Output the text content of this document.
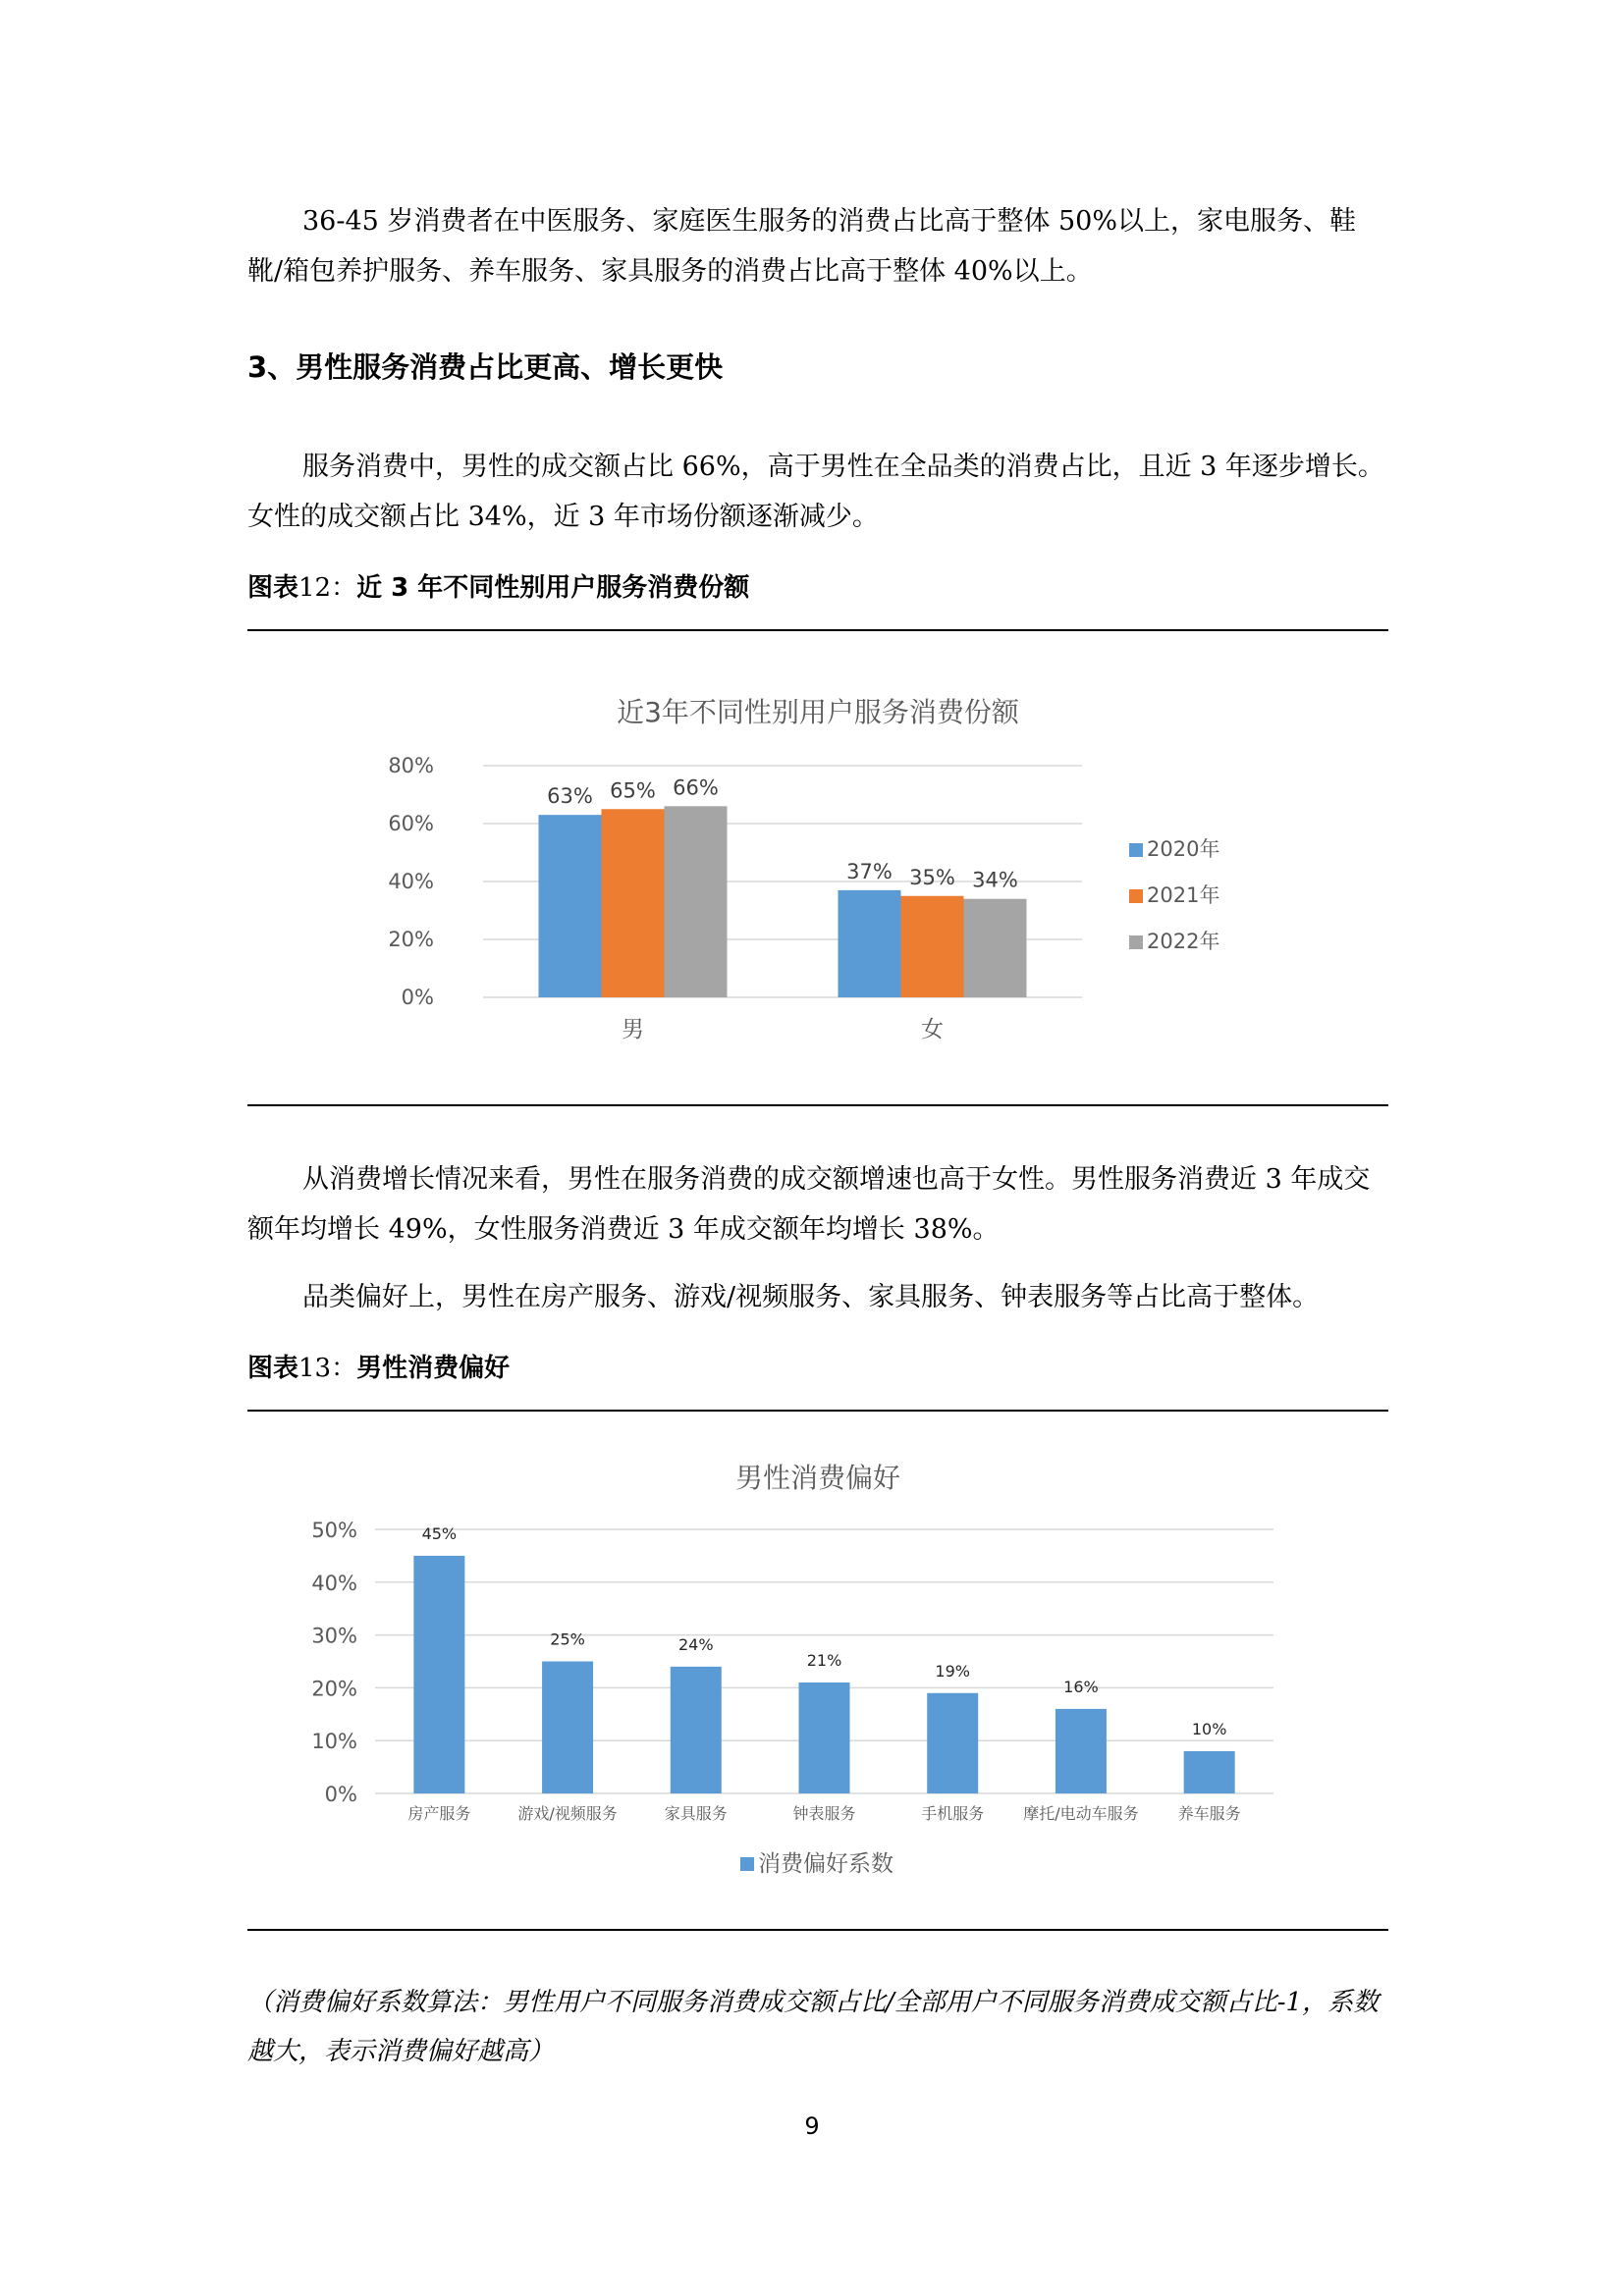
36-45 岁消费者在中医服务、家庭医生服务的消费占比高于整体 50%以上，家电服务、鞋靴/箱包养护服务、养车服务、家具服务的消费占比高于整体 40%以上。

3、男性服务消费占比更高、增长更快

服务消费中，男性的成交额占比 66%，高于男性在全品类的消费占比，且近 3 年逐步增长。女性的成交额占比 34%，近 3 年市场份额逐渐减少。

图表12：近 3 年不同性别用户服务消费份额

近3年不同性别用户服务消费份额
0%
20%
40%
60%
80%
男
63% 65% 66%
女
37% 35% 34%
2020年
2021年
2022年

从消费增长情况来看，男性在服务消费的成交额增速也高于女性。男性服务消费近 3 年成交额年均增长 49%，女性服务消费近 3 年成交额年均增长 38%。

品类偏好上，男性在房产服务、游戏/视频服务、家具服务、钟表服务等占比高于整体。

图表13：男性消费偏好

男性消费偏好
0%
10%
20%
30%
40%
50%	45%
房产服务
25%
游戏/视频服务
24%
家具服务
21%
钟表服务
19%
手机服务
16%
摩托/电动车服务
10%
养车服务
消费偏好系数

（消费偏好系数算法：男性用户不同服务消费成交额占比/全部用户不同服务消费成交额占比-1，系数越大，表示消费偏好越高）

9
